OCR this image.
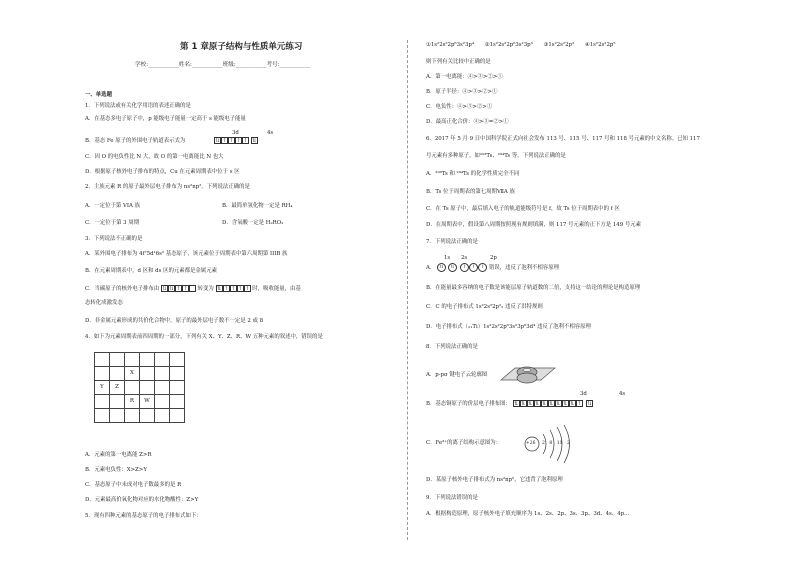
第 1 章原子结构与性质单元练习
学校:___________姓名:___________班级:___________考号:___________
一、单选题
1．下列说法或有关化学用语的表述正确的是
A．在基态多电子原子中，p 能级电子能量一定高于 s 能级电子能量
B．基态 Fe 原子的外围电子轨道表示式为
3d	4s
⇅ ↑ ↑ ↑ ↑ ⇅
C．因 O 的电负性比 N 大，故 O 的第一电离能比 N 也大
D．根据原子核外电子排布的特点，Cu 在元素周期表中位于 s 区
2．主族元素 R 的原子最外层电子排布为 ns²np²。下列说法正确的是
A．一定位于第 VIA 族	B．最简单氢化物一定是 RH₄
C．一定位于第 3 周期	D．含氧酸一定是 H₂RO₃
3．下列说法不正确的是
A．某外围电子排布为 4f⁷5d¹6s² 基态原子，该元素位于周期表中第六周期第 IIIB 族
B．在元素周期表中，d 区和 ds 区的元素都是金属元素
C．当碳原子的核外电子排布由 ⇅ ⇅ ↑ ↑ 转变为 ⇅ ↑ ↑ ↑ ↑ 时，吸收能量，由基
态转化成激发态
D．非金属元素形成的共价化合物中，原子的最外层电子数不一定是 2 或 8
4．如下为元素周期表前四周期的一部分，下列有关 X、Y、Z、R、W 五种元素的叙述中，错误的是

		X			
Y	Z				
		R	W		

A．元素的第一电离能 Z>R
B．元素电负性：X>Z>Y
C．基态原子中未成对电子数最多的是 R
D．元素最高价氧化物对应的水化物酸性：Z>Y
5．现有四种元素的基态原子的电子排布式如下：
①1s²2s²2p⁶3s²3p⁴　　②1s²2s²2p⁶3s²3p³　　③1s²2s²2p³　　④1s²2s²2p⁵
则下列有关比较中正确的是
A．第一电离能：④>③>②>①
B．原子半径：④>③>②>①
C．电负性：④>③>②>①
D．最高正化合价：④>③=②>①
6．2017 年 5 月 9 日中国科学院正式向社会发布 113 号、115 号、117 号和 118 号元素的中文名称。已知 117
号元素有多种原子，如²⁹³Ts、²⁹⁴Ts 等。下列说法正确的是
A．²⁹³Ts 和 ²⁹⁴Ts 的化学性质完全不同
B．Ts 位于周期表的第七周期ⅦA 族
C．在 Ts 原子中，最后填入电子的轨道能级符号是 f，故 Ts 位于周期表中的 f 区
D．在周期表中，假设第八周期按照现有规则填满，则 117 号元素的正下方是 149 号元素
7．下列说法正确的是
1s 2s	2p
A． ⇅ ⇅ ↑ ↑ ↑ 错误，违反了泡利不相容原理
B．在能量最多容纳的电子数是该能层原子轨道数的二倍，支持这一结论的理论是构造原理
C．C 的电子排布式 1s²2s²2p²₂ 违反了洪特规则
D．电子排布式（₂₁Ti）1s²2s²2p⁶3s²3p⁶3d⁴ 违反了泡利不相容原理
8．下列说法正确的是
A．p-pσ 键电子云轮廓图
3d	4s
B．基态铜原子的价层电子排布图： ⇅ ⇅ ⇅ ⇅ ⇅ ⇅ ⇅ ⇅ ⇅ ↑ ⇅
C．Fe³⁺的离子结构示意图为：	+26 2　8　11　2
D．某原子核外电子排布式为 ns²np⁵，它违背了泡利原理
9．下列说法错误的是
A．根据构造原理，原子核外电子填充顺序为 1s、2s、2p、3s、3p、3d、4s、4p…
